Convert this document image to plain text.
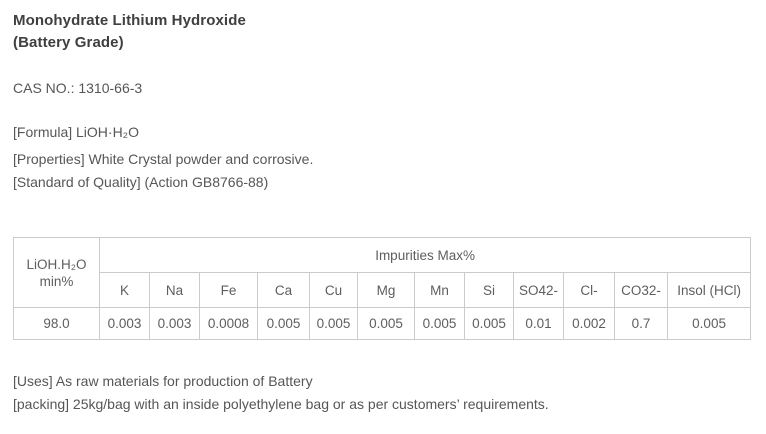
Monohydrate Lithium Hydroxide
(Battery Grade)

CAS NO.: 1310-66-3

[Formula] LiOH·H₂O

[Properties] White Crystal powder and corrosive.

[Standard of Quality] (Action GB8766-88)

LiOH.H₂O
min%	Impurities Max%											
	K	Na	Fe	Ca	Cu	Mg	Mn	Si	SO42-	Cl-	CO32-	Insol (HCl)
98.0	0.003	0.003	0.0008	0.005	0.005	0.005	0.005	0.005	0.01	0.002	0.7	0.005

[Uses] As raw materials for production of Battery

[packing] 25kg/bag with an inside polyethylene bag or as per customers’ requirements.
